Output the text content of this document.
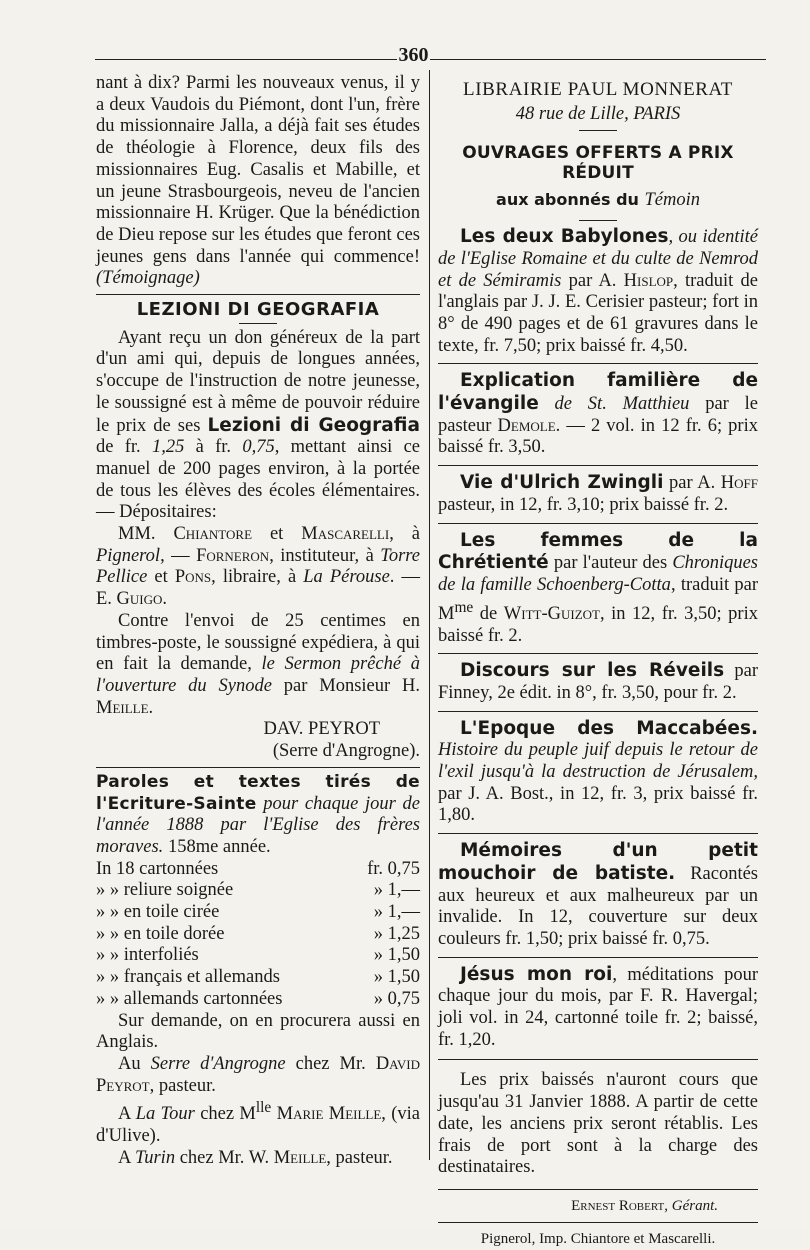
360

nant à dix? Parmi les nouveaux venus, il y a deux Vaudois du Piémont, dont l'un, frère du missionnaire Jalla, a déjà fait ses études de théologie à Florence, deux fils des missionnaires Eug. Casalis et Mabille, et un jeune Strasbourgeois, neveu de l'ancien missionnaire H. Krüger. Que la bénédiction de Dieu repose sur les études que feront ces jeunes gens dans l'année qui commence! (Témoignage)

LEZIONI DI GEOGRAFIA

Ayant reçu un don généreux de la part d'un ami qui, depuis de longues années, s'occupe de l'instruction de notre jeunesse, le soussigné est à même de pouvoir réduire le prix de ses Lezioni di Geografia de fr. 1,25 à fr. 0,75, mettant ainsi ce manuel de 200 pages environ, à la portée de tous les élèves des écoles élémentaires. — Dépositaires:

MM. Chiantore et Mascarelli, à Pignerol, — Forneron, instituteur, à Torre Pellice et Pons, libraire, à La Pérouse. — E. Guigo.

Contre l'envoi de 25 centimes en timbres-poste, le soussigné expédiera, à qui en fait la demande, le Sermon prêché à l'ouverture du Synode par Monsieur H. Meille.

DAV. PEYROT

(Serre d'Angrogne).

Paroles et textes tirés de l'Ecriture-Sainte pour chaque jour de l'année 1888 par l'Eglise des frères moraves. 158me année.

In 18 cartonnées	fr. 0,75
» » reliure soignée	» 1,—
» » en toile cirée	» 1,—
» » en toile dorée	» 1,25
» » interfoliés	» 1,50
» » français et allemands	» 1,50
» » allemands cartonnées	» 0,75

Sur demande, on en procurera aussi en Anglais.

Au Serre d'Angrogne chez Mr. David Peyrot, pasteur.

A La Tour chez $M^{lle}$ Marie Meille, (via d'Ulive).

A Turin chez Mr. W. Meille, pasteur.

LIBRAIRIE PAUL MONNERAT

48 rue de Lille, PARIS

OUVRAGES OFFERTS A PRIX RÉDUIT

aux abonnés du Témoin

Les deux Babylones, ou identité de l'Eglise Romaine et du culte de Nemrod et de Sémiramis par A. Hislop, traduit de l'anglais par J. J. E. Cerisier pasteur; fort in 8° de 490 pages et de 61 gravures dans le texte, fr. 7,50; prix baissé fr. 4,50.

Explication familière de l'évangile de St. Matthieu par le pasteur Demole. — 2 vol. in 12 fr. 6; prix baissé fr. 3,50.

Vie d'Ulrich Zwingli par A. Hoff pasteur, in 12, fr. 3,10; prix baissé fr. 2.

Les femmes de la Chrétienté par l'auteur des Chroniques de la famille Schoenberg-Cotta, traduit par $M^{me}$ de Witt-Guizot, in 12, fr. 3,50; prix baissé fr. 2.

Discours sur les Réveils par Finney, 2e édit. in 8°, fr. 3,50, pour fr. 2.

L'Epoque des Maccabées. Histoire du peuple juif depuis le retour de l'exil jusqu'à la destruction de Jérusalem, par J. A. Bost., in 12, fr. 3, prix baissé fr. 1,80.

Mémoires d'un petit mouchoir de batiste. Racontés aux heureux et aux malheureux par un invalide. In 12, couverture sur deux couleurs fr. 1,50; prix baissé fr. 0,75.

Jésus mon roi, méditations pour chaque jour du mois, par F. R. Havergal; joli vol. in 24, cartonné toile fr. 2; baissé, fr. 1,20.

Les prix baissés n'auront cours que jusqu'au 31 Janvier 1888. A partir de cette date, les anciens prix seront rétablis. Les frais de port sont à la charge des destinataires.

Ernest Robert, Gérant.

Pignerol, Imp. Chiantore et Mascarelli.
